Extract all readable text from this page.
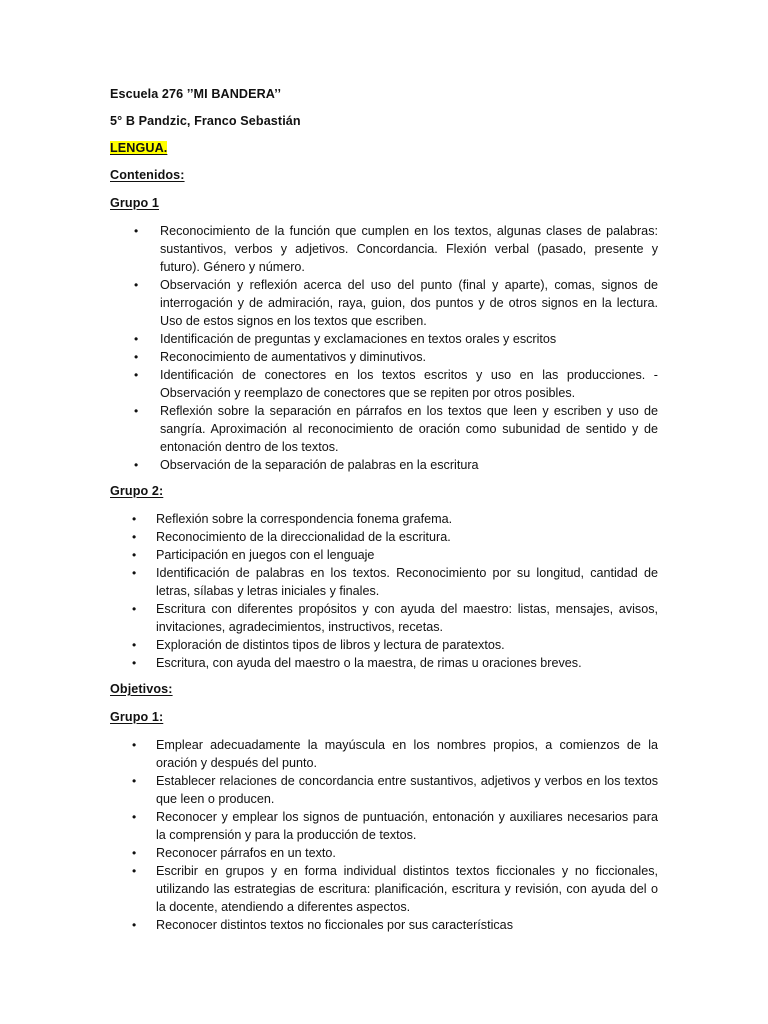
Escuela 276 ’’MI BANDERA’’
5° B Pandzic, Franco Sebastián
LENGUA.
Contenidos:
Grupo 1
• Reconocimiento de la función que cumplen en los textos, algunas clases de palabras: sustantivos, verbos y adjetivos. Concordancia. Flexión verbal (pasado, presente y futuro). Género y número.
• Observación y reflexión acerca del uso del punto (final y aparte), comas, signos de interrogación y de admiración, raya, guion, dos puntos y de otros signos en la lectura. Uso de estos signos en los textos que escriben.
• Identificación de preguntas y exclamaciones en textos orales y escritos
• Reconocimiento de aumentativos y diminutivos.
• Identificación de conectores en los textos escritos y uso en las producciones. -Observación y reemplazo de conectores que se repiten por otros posibles.
• Reflexión sobre la separación en párrafos en los textos que leen y escriben y uso de sangría. Aproximación al reconocimiento de oración como subunidad de sentido y de entonación dentro de los textos.
• Observación de la separación de palabras en la escritura
Grupo 2:
• Reflexión sobre la correspondencia fonema grafema.
• Reconocimiento de la direccionalidad de la escritura.
• Participación en juegos con el lenguaje
• Identificación de palabras en los textos. Reconocimiento por su longitud, cantidad de letras, sílabas y letras iniciales y finales.
• Escritura con diferentes propósitos y con ayuda del maestro: listas, mensajes, avisos, invitaciones, agradecimientos, instructivos, recetas.
• Exploración de distintos tipos de libros y lectura de paratextos.
• Escritura, con ayuda del maestro o la maestra, de rimas u oraciones breves.
Objetivos:
Grupo 1:
• Emplear adecuadamente la mayúscula en los nombres propios, a comienzos de la oración y después del punto.
• Establecer relaciones de concordancia entre sustantivos, adjetivos y verbos en los textos que leen o producen.
• Reconocer y emplear los signos de puntuación, entonación y auxiliares necesarios para la comprensión y para la producción de textos.
• Reconocer párrafos en un texto.
• Escribir en grupos y en forma individual distintos textos ficcionales y no ficcionales, utilizando las estrategias de escritura: planificación, escritura y revisión, con ayuda del o la docente, atendiendo a diferentes aspectos.
• Reconocer distintos textos no ficcionales por sus características
